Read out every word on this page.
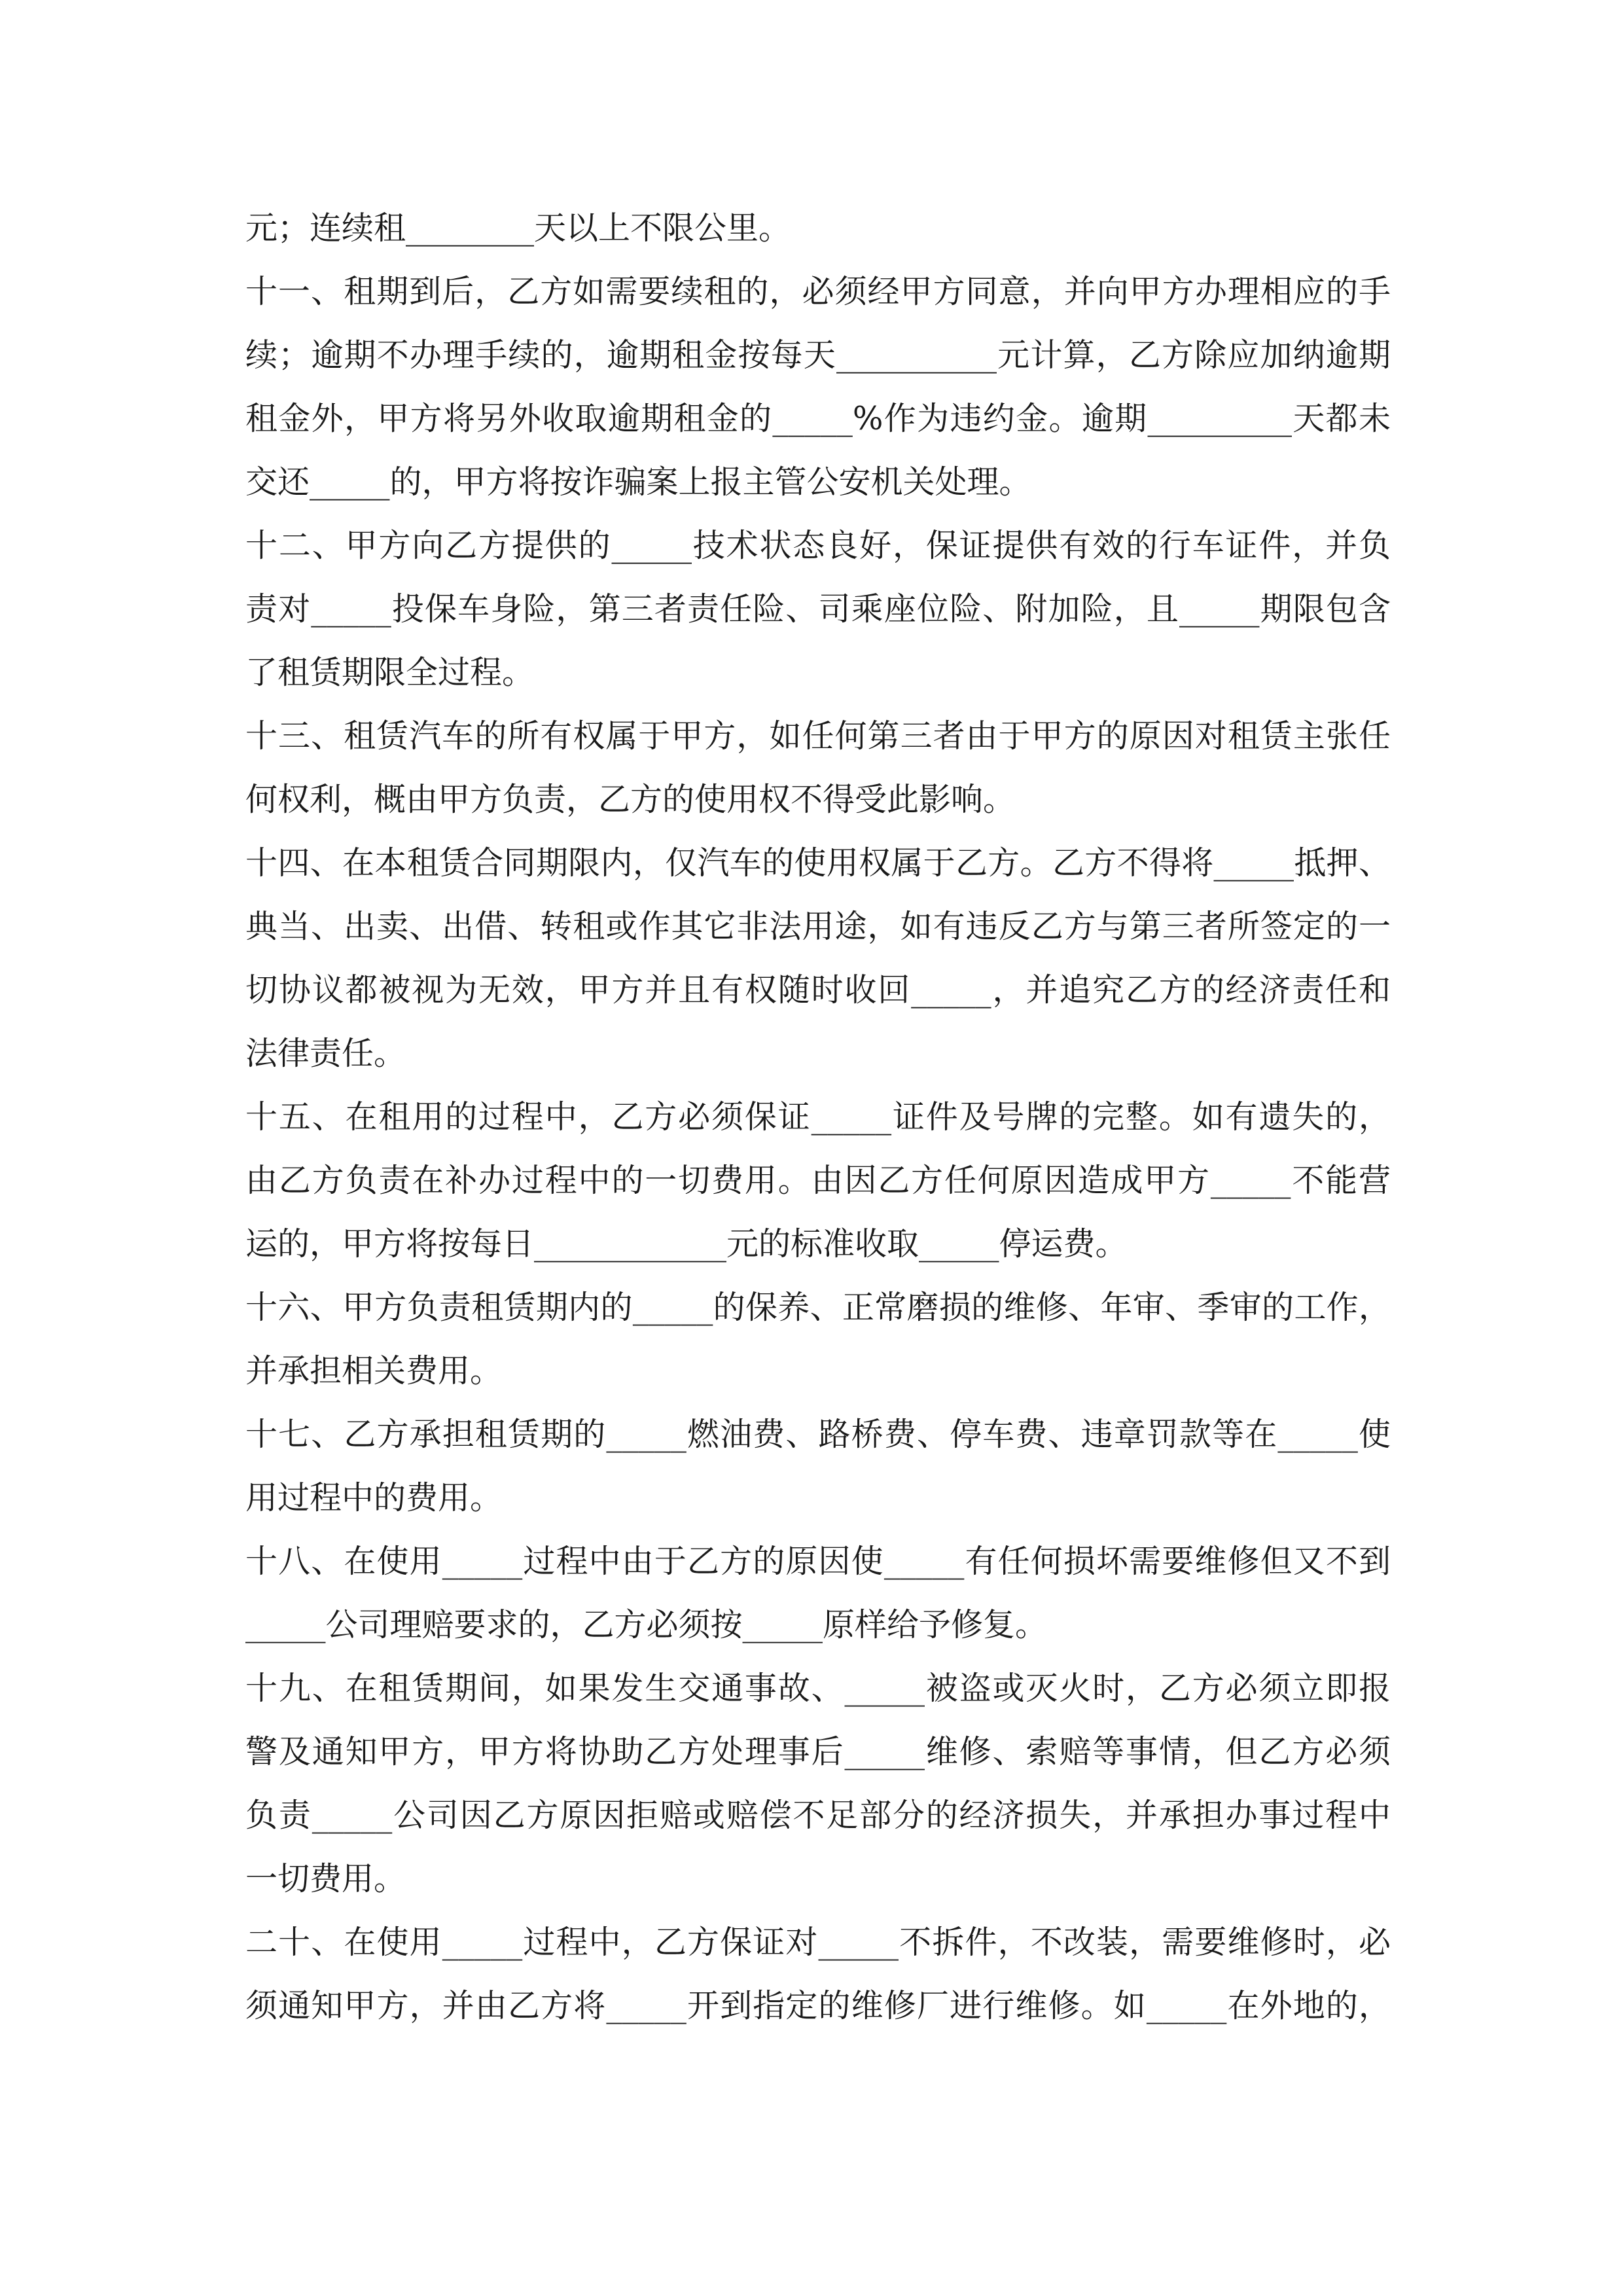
元；连续租________天以上不限公里。
十一、租期到后，乙方如需要续租的，必须经甲方同意，并向甲方办理相应的手
续；逾期不办理手续的，逾期租金按每天__________元计算，乙方除应加纳逾期
租金外，甲方将另外收取逾期租金的_____%作为违约金。逾期_________天都未
交还_____的，甲方将按诈骗案上报主管公安机关处理。
十二、甲方向乙方提供的_____技术状态良好，保证提供有效的行车证件，并负
责对_____投保车身险，第三者责任险、司乘座位险、附加险，且_____期限包含
了租赁期限全过程。
十三、租赁汽车的所有权属于甲方，如任何第三者由于甲方的原因对租赁主张任
何权利，概由甲方负责，乙方的使用权不得受此影响。
十四、在本租赁合同期限内，仅汽车的使用权属于乙方。乙方不得将_____抵押、
典当、出卖、出借、转租或作其它非法用途，如有违反乙方与第三者所签定的一
切协议都被视为无效，甲方并且有权随时收回_____，并追究乙方的经济责任和
法律责任。
十五、在租用的过程中，乙方必须保证_____证件及号牌的完整。如有遗失的，
由乙方负责在补办过程中的一切费用。由因乙方任何原因造成甲方_____不能营
运的，甲方将按每日____________元的标准收取_____停运费。
十六、甲方负责租赁期内的_____的保养、正常磨损的维修、年审、季审的工作，
并承担相关费用。
十七、乙方承担租赁期的_____燃油费、路桥费、停车费、违章罚款等在_____使
用过程中的费用。
十八、在使用_____过程中由于乙方的原因使_____有任何损坏需要维修但又不到
_____公司理赔要求的，乙方必须按_____原样给予修复。
十九、在租赁期间，如果发生交通事故、_____被盗或灭火时，乙方必须立即报
警及通知甲方，甲方将协助乙方处理事后_____维修、索赔等事情，但乙方必须
负责_____公司因乙方原因拒赔或赔偿不足部分的经济损失，并承担办事过程中
一切费用。
二十、在使用_____过程中，乙方保证对_____不拆件，不改装，需要维修时，必
须通知甲方，并由乙方将_____开到指定的维修厂进行维修。如_____在外地的，
